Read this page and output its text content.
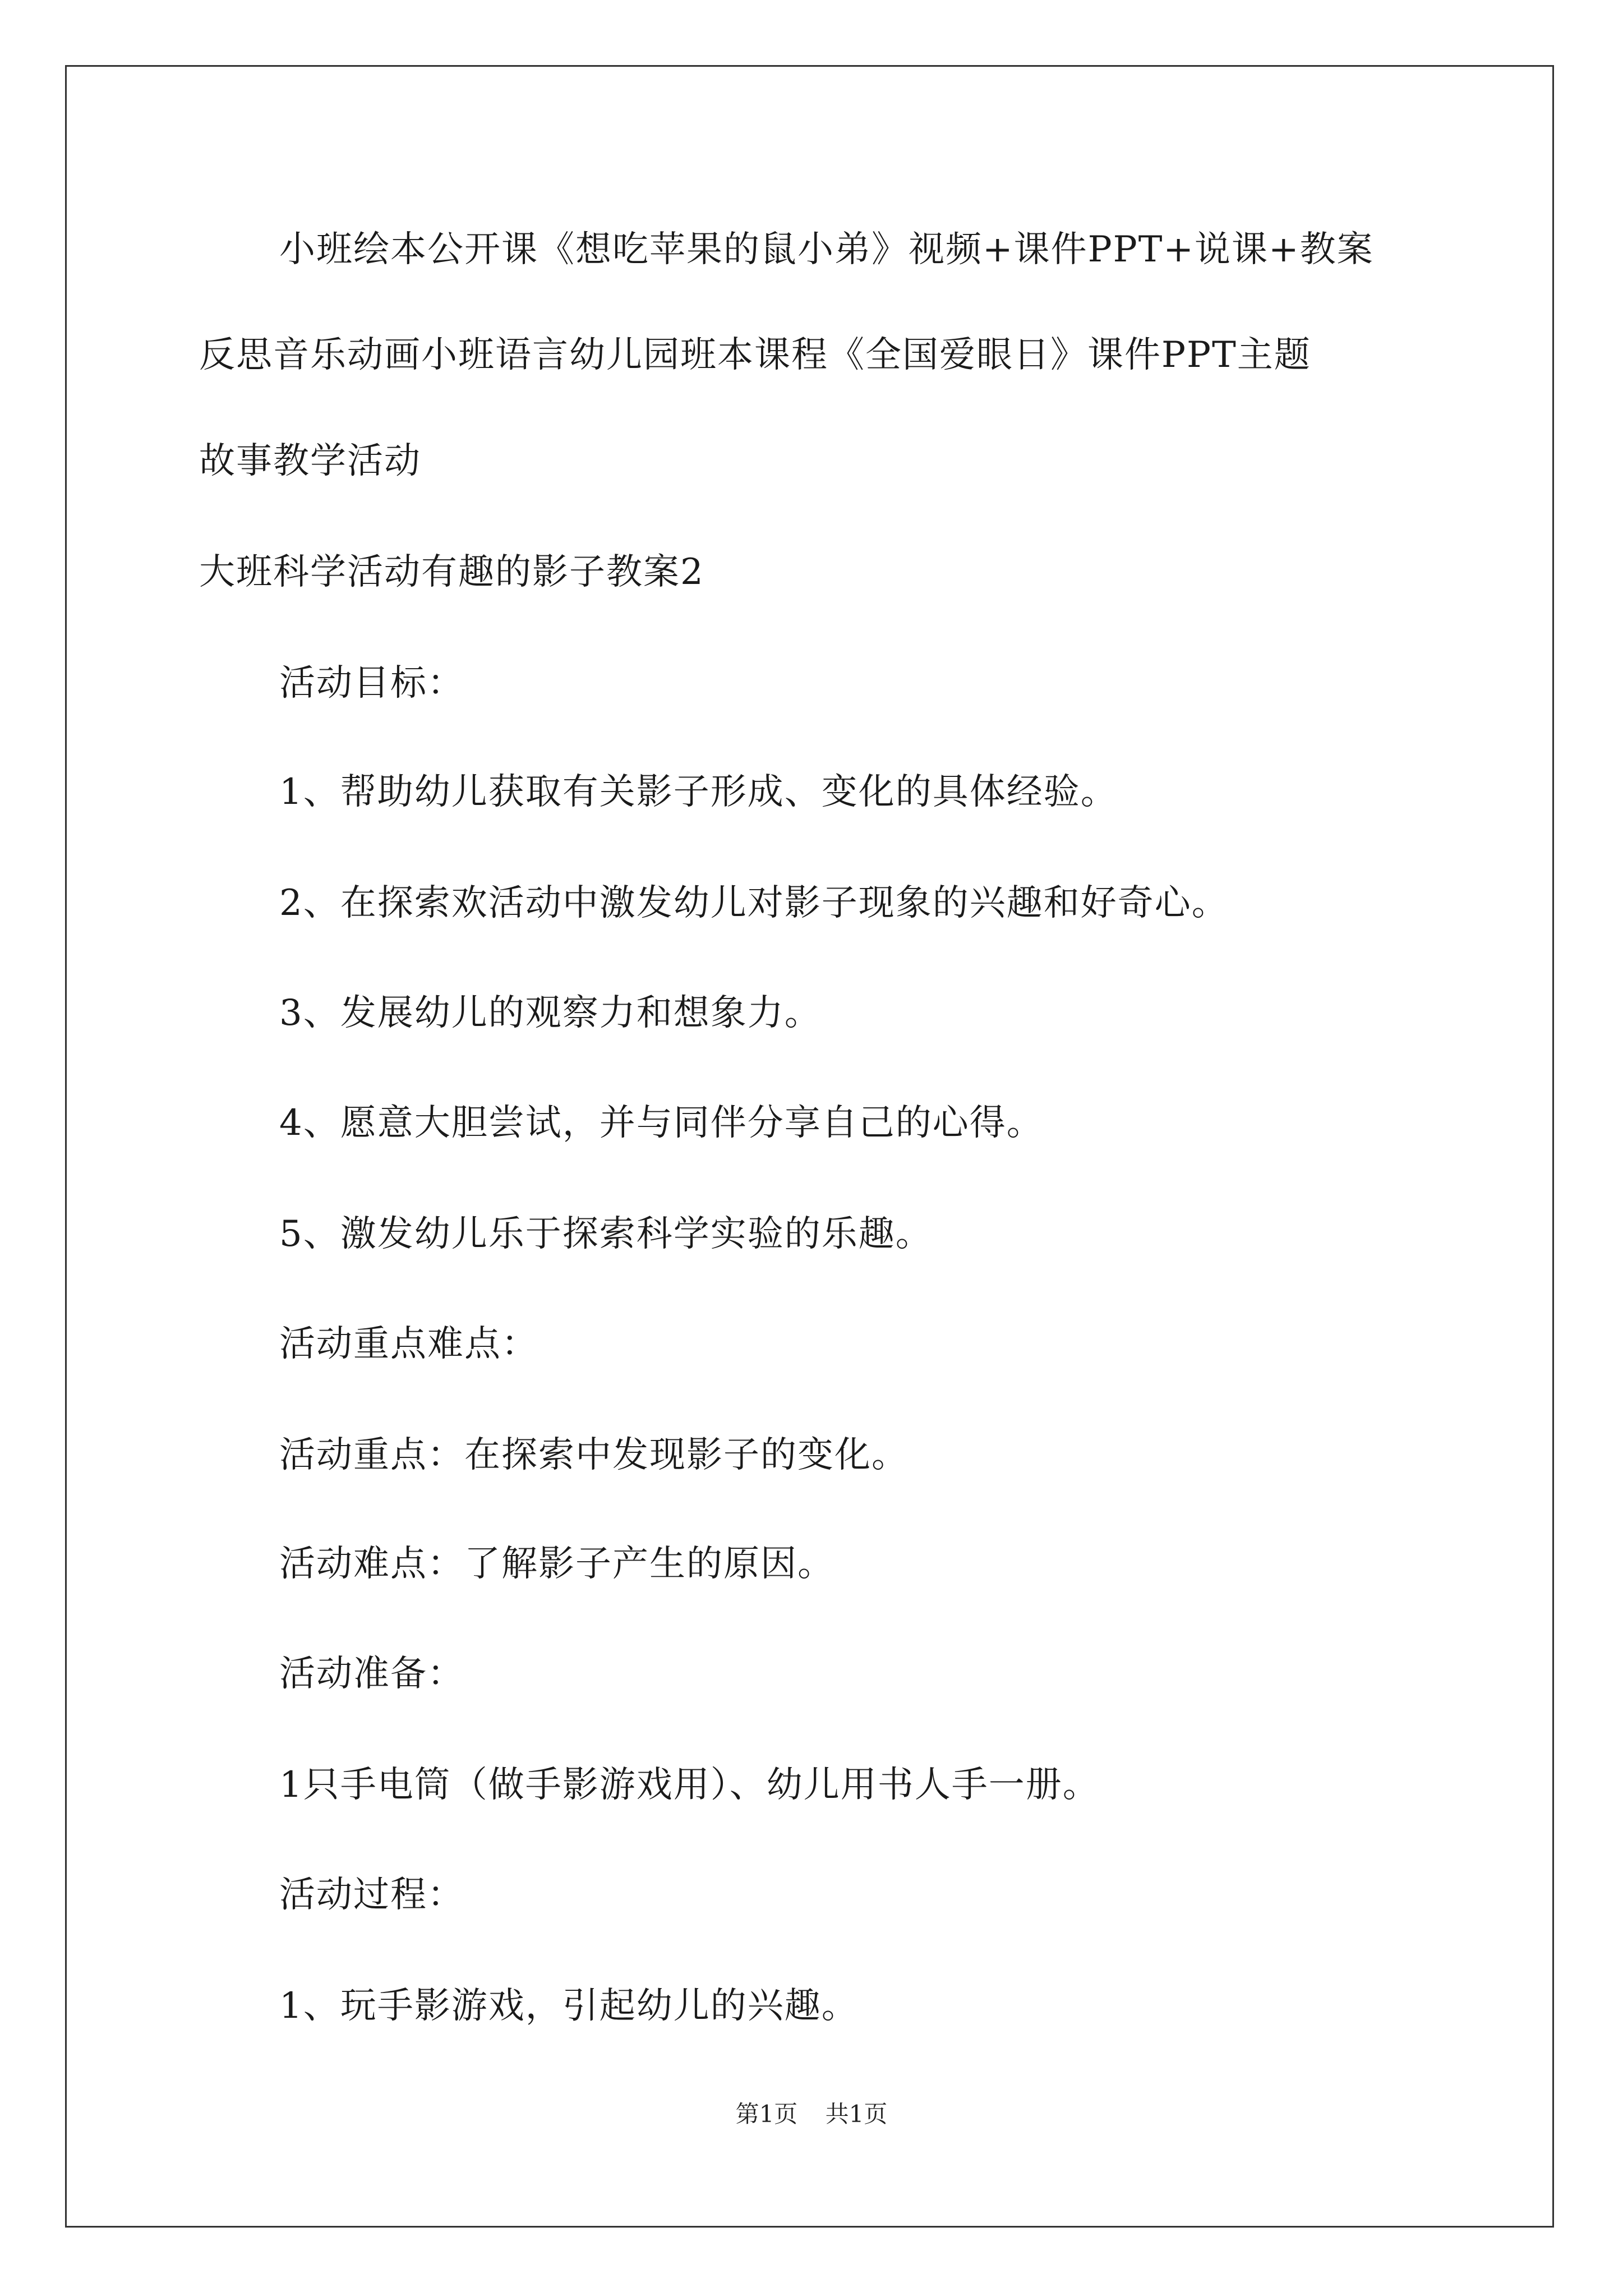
小班绘本公开课《想吃苹果的鼠小弟》视频+课件PPT+说课+教案
反思音乐动画小班语言幼儿园班本课程《全国爱眼日》课件PPT主题
故事教学活动
大班科学活动有趣的影子教案2
活动目标：
1、帮助幼儿获取有关影子形成、变化的具体经验。
2、在探索欢活动中激发幼儿对影子现象的兴趣和好奇心。
3、发展幼儿的观察力和想象力。
4、愿意大胆尝试，并与同伴分享自己的心得。
5、激发幼儿乐于探索科学实验的乐趣。
活动重点难点：
活动重点：在探索中发现影子的变化。
活动难点：了解影子产生的原因。
活动准备：
1只手电筒（做手影游戏用）、幼儿用书人手一册。
活动过程：
1、玩手影游戏，引起幼儿的兴趣。
第1页 共1页
